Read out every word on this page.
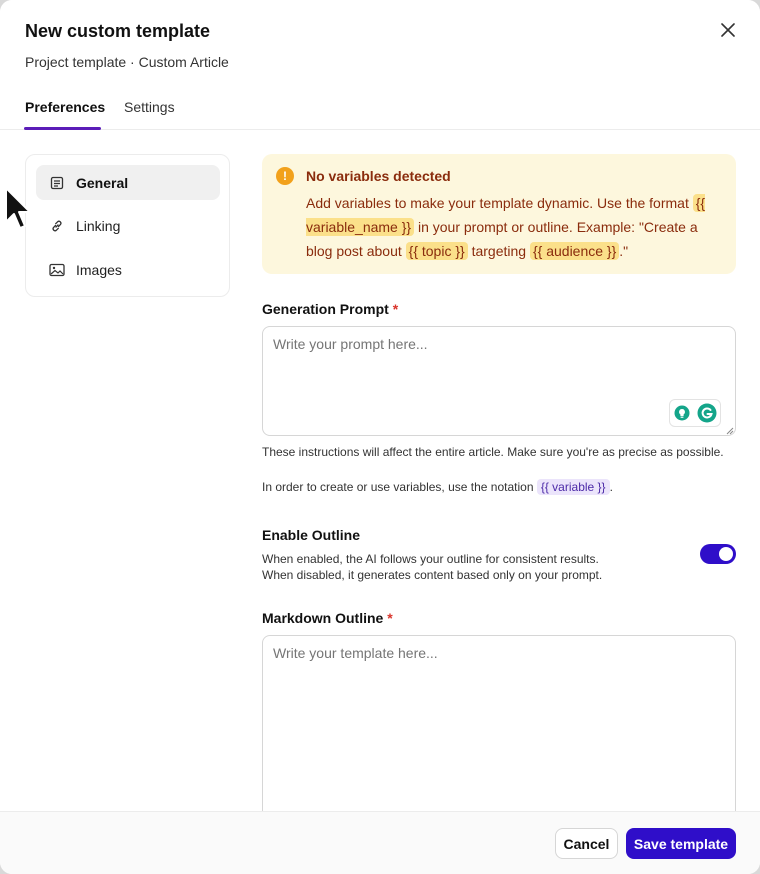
New custom template
Project template · Custom Article
Preferences Settings
General
Linking
Images
!	No variables detected
Add variables to make your template dynamic. Use the format {{ variable_name }} in your prompt or outline. Example: "Create a blog post about {{ topic }} targeting {{ audience }} ."
Generation Prompt *
Write your prompt here...
These instructions will affect the entire article. Make sure you're as precise as possible.
In order to create or use variables, use the notation {{ variable }} .
Enable Outline
When enabled, the AI follows your outline for consistent results.
When disabled, it generates content based only on your prompt.
Markdown Outline *
Write your template here...
Cancel	Save template
